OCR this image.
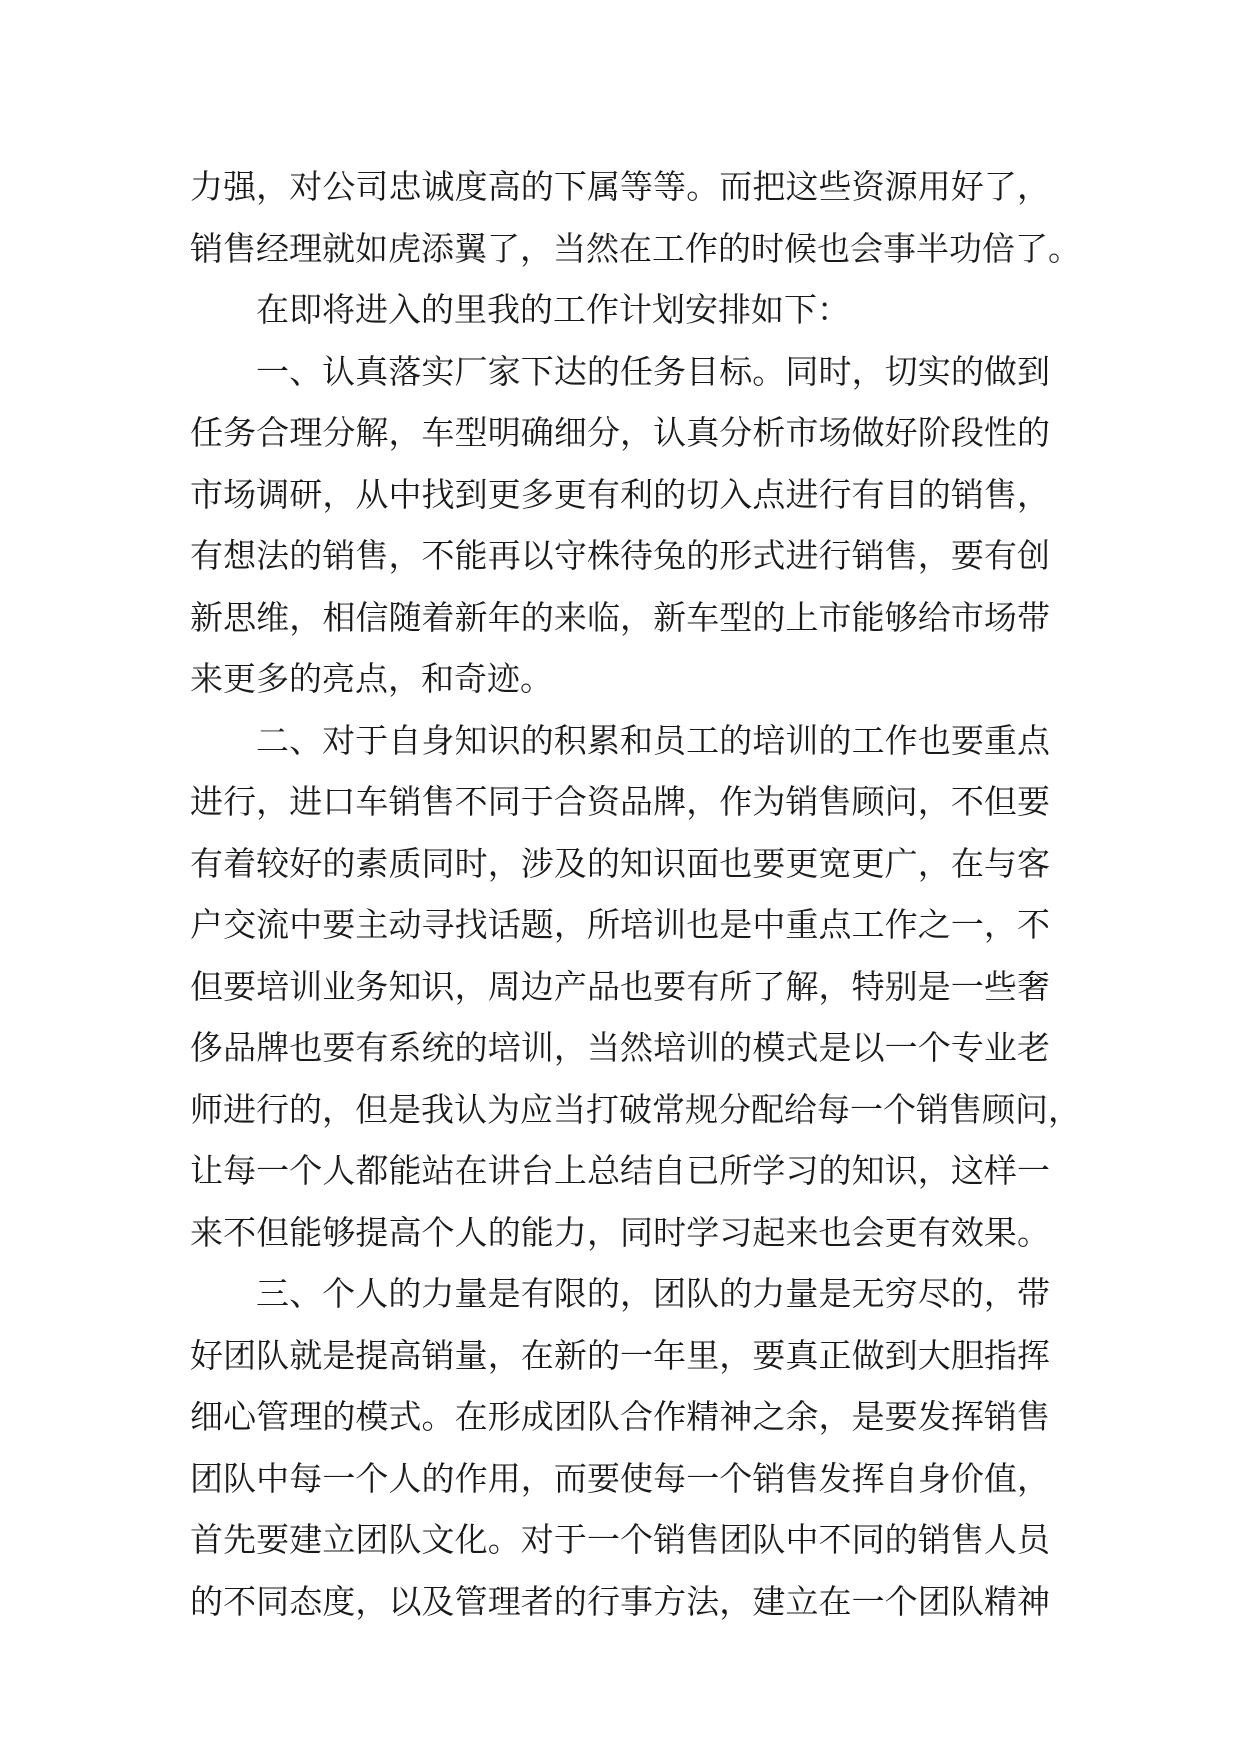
力强，对公司忠诚度高的下属等等。而把这些资源用好了，
销售经理就如虎添翼了，当然在工作的时候也会事半功倍了。
在即将进入的里我的工作计划安排如下：
一、认真落实厂家下达的任务目标。同时，切实的做到
任务合理分解，车型明确细分，认真分析市场做好阶段性的
市场调研，从中找到更多更有利的切入点进行有目的销售，
有想法的销售，不能再以守株待兔的形式进行销售，要有创
新思维，相信随着新年的来临，新车型的上市能够给市场带
来更多的亮点，和奇迹。
二、对于自身知识的积累和员工的培训的工作也要重点
进行，进口车销售不同于合资品牌，作为销售顾问，不但要
有着较好的素质同时，涉及的知识面也要更宽更广，在与客
户交流中要主动寻找话题，所培训也是中重点工作之一，不
但要培训业务知识，周边产品也要有所了解，特别是一些奢
侈品牌也要有系统的培训，当然培训的模式是以一个专业老
师进行的，但是我认为应当打破常规分配给每一个销售顾问，
让每一个人都能站在讲台上总结自已所学习的知识，这样一
来不但能够提高个人的能力，同时学习起来也会更有效果。
三、个人的力量是有限的，团队的力量是无穷尽的，带
好团队就是提高销量，在新的一年里，要真正做到大胆指挥
细心管理的模式。在形成团队合作精神之余，是要发挥销售
团队中每一个人的作用，而要使每一个销售发挥自身价值，
首先要建立团队文化。对于一个销售团队中不同的销售人员
的不同态度，以及管理者的行事方法，建立在一个团队精神
